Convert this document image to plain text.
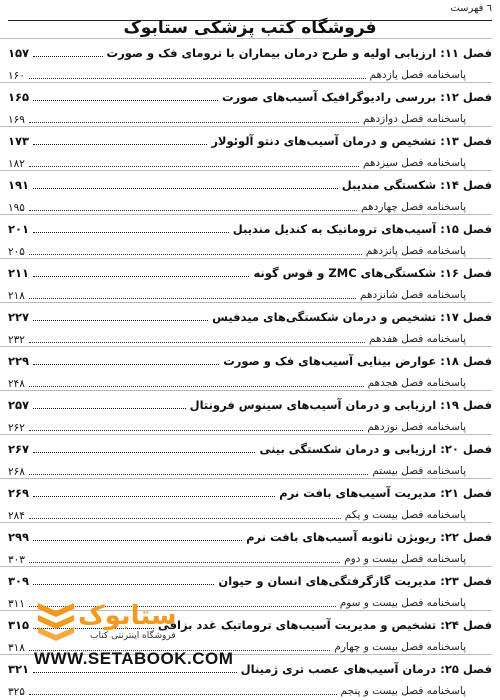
٦ فهرست
فروشگاه کتب پزشکی ستابوک
فصل ۱۱: ارزیابی اولیه و طرح درمان بیماران با ترومای فک و صورت
۱۵۷
پاسخنامه فصل یازدهم
۱۶۰
فصل ۱۲: بررسی رادیوگرافیک آسیب‌های صورت
۱۶۵
پاسخنامه فصل دوازدهم
۱۶۹
فصل ۱۳: تشخیص و درمان آسیب‌های دنتو آلوئولار
۱۷۳
پاسخنامه فصل سیزدهم
۱۸۲
فصل ۱۴: شکستگی مندیبل
۱۹۱
پاسخنامه فصل چهاردهم
۱۹۵
فصل ۱۵: آسیب‌های تروماتیک به کندیل مندیبل
۲۰۱
پاسخنامه فصل پانزدهم
۲۰۵
فصل ۱۶: شکستگی‌های ZMC و قوس گونه
۲۱۱
پاسخنامه فصل شانزدهم
۲۱۸
فصل ۱۷: تشخیص و درمان شکستگی‌های میدفیس
۲۲۷
پاسخنامه فصل هفدهم
۲۳۲
فصل ۱۸: عوارض بینایی آسیب‌های فک و صورت
۲۲۹
پاسخنامه فصل هجدهم
۲۴۸
فصل ۱۹: ارزیابی و درمان آسیب‌های سینوس فرونتال
۲۵۷
پاسخنامه فصل نوزدهم
۲۶۲
فصل ۲۰: ارزیابی و درمان شکستگی بینی
۲۶۷
پاسخنامه فصل بیستم
۲۶۸
فصل ۲۱: مدیریت آسیب‌های بافت نرم
۲۶۹
پاسخنامه فصل بیست و یکم
۲۸۴
فصل ۲۲: ریویژن ثانویه آسیب‌های بافت نرم
۲۹۹
پاسخنامه فصل بیست و دوم
۳۰۳
فصل ۲۳: مدیریت گازگرفتگی‌های انسان و حیوان
۳۰۹
پاسخنامه فصل بیست و سوم
۳۱۱
فصل ۲۴: تشخیص و مدیریت آسیب‌های تروماتیک غدد بزاقی
۳۱۵
پاسخنامه فصل بیست و چهارم
۳۱۸
فصل ۲۵: درمان آسیب‌های عصب تری ژمینال
۳۲۱
پاسخنامه فصل بیست و پنجم
۳۲۵
ستابوک
فروشگاه اینترنتی کتاب
WWW.SETABOOK.COM
